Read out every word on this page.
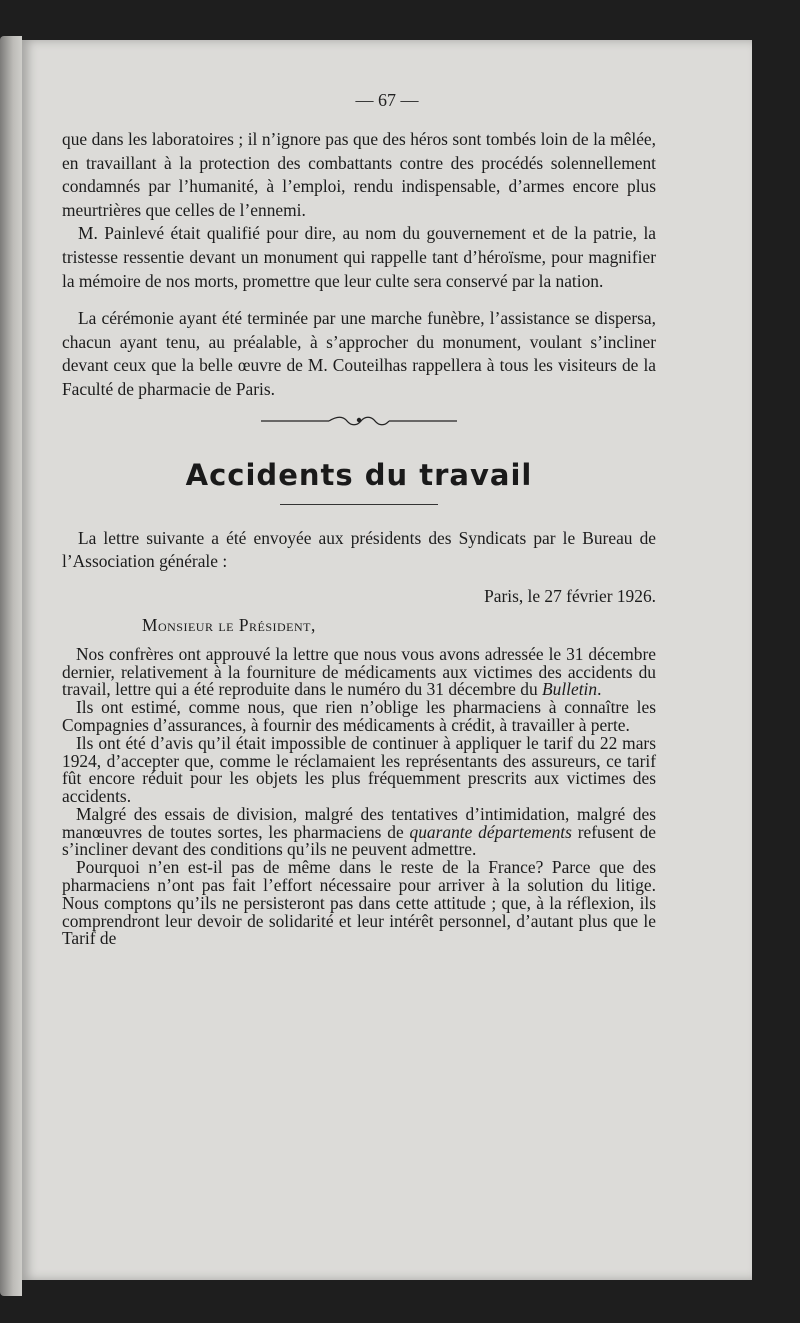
— 67 —

que dans les laboratoires ; il n’ignore pas que des héros sont tombés loin de la mêlée, en travaillant à la protection des combattants contre des procédés solennellement condamnés par l’humanité, à l’emploi, rendu indispensable, d’armes encore plus meurtrières que celles de l’ennemi.

M. Painlevé était qualifié pour dire, au nom du gouvernement et de la patrie, la tristesse ressentie devant un monument qui rappelle tant d’héroïsme, pour magnifier la mémoire de nos morts, promettre que leur culte sera conservé par la nation.

La cérémonie ayant été terminée par une marche funèbre, l’assistance se dispersa, chacun ayant tenu, au préalable, à s’approcher du monument, voulant s’incliner devant ceux que la belle œuvre de M. Couteilhas rappellera à tous les visiteurs de la Faculté de pharmacie de Paris.

Accidents du travail

La lettre suivante a été envoyée aux présidents des Syndicats par le Bureau de l’Association générale :

Paris, le 27 février 1926.
Monsieur le Président,

Nos confrères ont approuvé la lettre que nous vous avons adressée le 31 décembre dernier, relativement à la fourniture de médicaments aux victimes des accidents du travail, lettre qui a été reproduite dans le numéro du 31 décembre du Bulletin.

Ils ont estimé, comme nous, que rien n’oblige les pharmaciens à connaître les Compagnies d’assurances, à fournir des médicaments à crédit, à travailler à perte.

Ils ont été d’avis qu’il était impossible de continuer à appliquer le tarif du 22 mars 1924, d’accepter que, comme le réclamaient les représentants des assureurs, ce tarif fût encore réduit pour les objets les plus fréquemment prescrits aux victimes des accidents.

Malgré des essais de division, malgré des tentatives d’intimidation, malgré des manœuvres de toutes sortes, les pharmaciens de quarante départements refusent de s’incliner devant des conditions qu’ils ne peuvent admettre.

Pourquoi n’en est-il pas de même dans le reste de la France? Parce que des pharmaciens n’ont pas fait l’effort nécessaire pour arriver à la solution du litige. Nous comptons qu’ils ne persisteront pas dans cette attitude ; que, à la réflexion, ils comprendront leur devoir de solidarité et leur intérêt personnel, d’autant plus que le Tarif de
